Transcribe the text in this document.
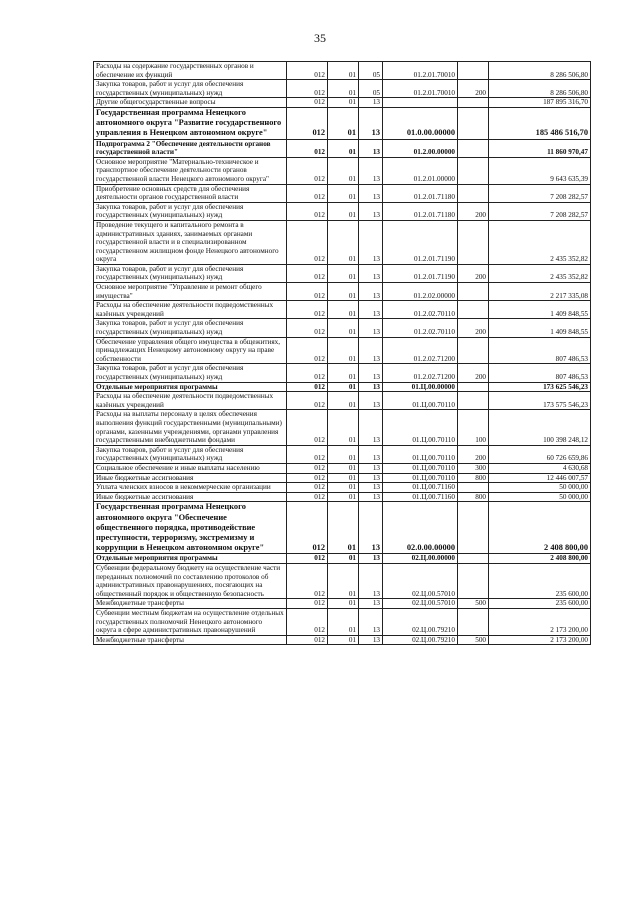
35
Расходы на содержание государственных органов и обеспечение их функций	012	01	05	01.2.01.70010		8 286 506,80
Закупка товаров, работ и услуг для обеспечения государственных (муниципальных) нужд	012	01	05	01.2.01.70010	200	8 286 506,80
Другие общегосударственные вопросы	012	01	13			187 895 316,70
Государственная программа Ненецкого автономного округа "Развитие государственного управления в Ненецком автономном округе"	012	01	13	01.0.00.00000		185 486 516,70
Подпрограмма 2 "Обеспечение деятельности органов государственной власти"	012	01	13	01.2.00.00000		11 860 970,47
Основное мероприятие "Материально-техническое и транспортное обеспечение деятельности органов государственной власти Ненецкого автономного округа"	012	01	13	01.2.01.00000		9 643 635,39
Приобретение основных средств для обеспечения деятельности органов государственной власти	012	01	13	01.2.01.71180		7 208 282,57
Закупка товаров, работ и услуг для обеспечения государственных (муниципальных) нужд	012	01	13	01.2.01.71180	200	7 208 282,57
Проведение текущего и капитального ремонта в административных зданиях, занимаемых органами государственной власти и в специализированном государственном жилищном фонде Ненецкого автономного округа	012	01	13	01.2.01.71190		2 435 352,82
Закупка товаров, работ и услуг для обеспечения государственных (муниципальных) нужд	012	01	13	01.2.01.71190	200	2 435 352,82
Основное мероприятие "Управление и ремонт общего имущества"	012	01	13	01.2.02.00000		2 217 335,08
Расходы на обеспечение деятельности подведомственных казённых учреждений	012	01	13	01.2.02.70110		1 409 848,55
Закупка товаров, работ и услуг для обеспечения государственных (муниципальных) нужд	012	01	13	01.2.02.70110	200	1 409 848,55
Обеспечение управления общего имущества в общежитиях, принадлежащих Ненецкому автономному округу на праве собственности	012	01	13	01.2.02.71200		807 486,53
Закупка товаров, работ и услуг для обеспечения государственных (муниципальных) нужд	012	01	13	01.2.02.71200	200	807 486,53
Отдельные мероприятия программы	012	01	13	01.Ц.00.00000		173 625 546,23
Расходы на обеспечение деятельности подведомственных казённых учреждений	012	01	13	01.Ц.00.70110		173 575 546,23
Расходы на выплаты персоналу в целях обеспечения выполнения функций государственными (муниципальными) органами, казенными учреждениями, органами управления государственными внебюджетными фондами	012	01	13	01.Ц.00.70110	100	100 398 248,12
Закупка товаров, работ и услуг для обеспечения государственных (муниципальных) нужд	012	01	13	01.Ц.00.70110	200	60 726 659,86
Социальное обеспечение и иные выплаты населению	012	01	13	01.Ц.00.70110	300	4 630,68
Иные бюджетные ассигнования	012	01	13	01.Ц.00.70110	800	12 446 007,57
Уплата членских взносов в некоммерческие организации	012	01	13	01.Ц.00.71160		50 000,00
Иные бюджетные ассигнования	012	01	13	01.Ц.00.71160	800	50 000,00
Государственная программа Ненецкого автономного округа "Обеспечение общественного порядка, противодействие преступности, терроризму, экстремизму и коррупции в Ненецком автономном округе"	012	01	13	02.0.00.00000		2 408 800,00
Отдельные мероприятия программы	012	01	13	02.Ц.00.00000		2 408 800,00
Субвенции федеральному бюджету на осуществление части переданных полномочий по составлению протоколов об административных правонарушениях, посягающих на общественный порядок и общественную безопасность	012	01	13	02.Ц.00.57010		235 600,00
Межбюджетные трансферты	012	01	13	02.Ц.00.57010	500	235 600,00
Субвенции местным бюджетам на осуществление отдельных государственных полномочий Ненецкого автономного округа в сфере административных правонарушений	012	01	13	02.Ц.00.79210		2 173 200,00
Межбюджетные трансферты	012	01	13	02.Ц.00.79210	500	2 173 200,00
